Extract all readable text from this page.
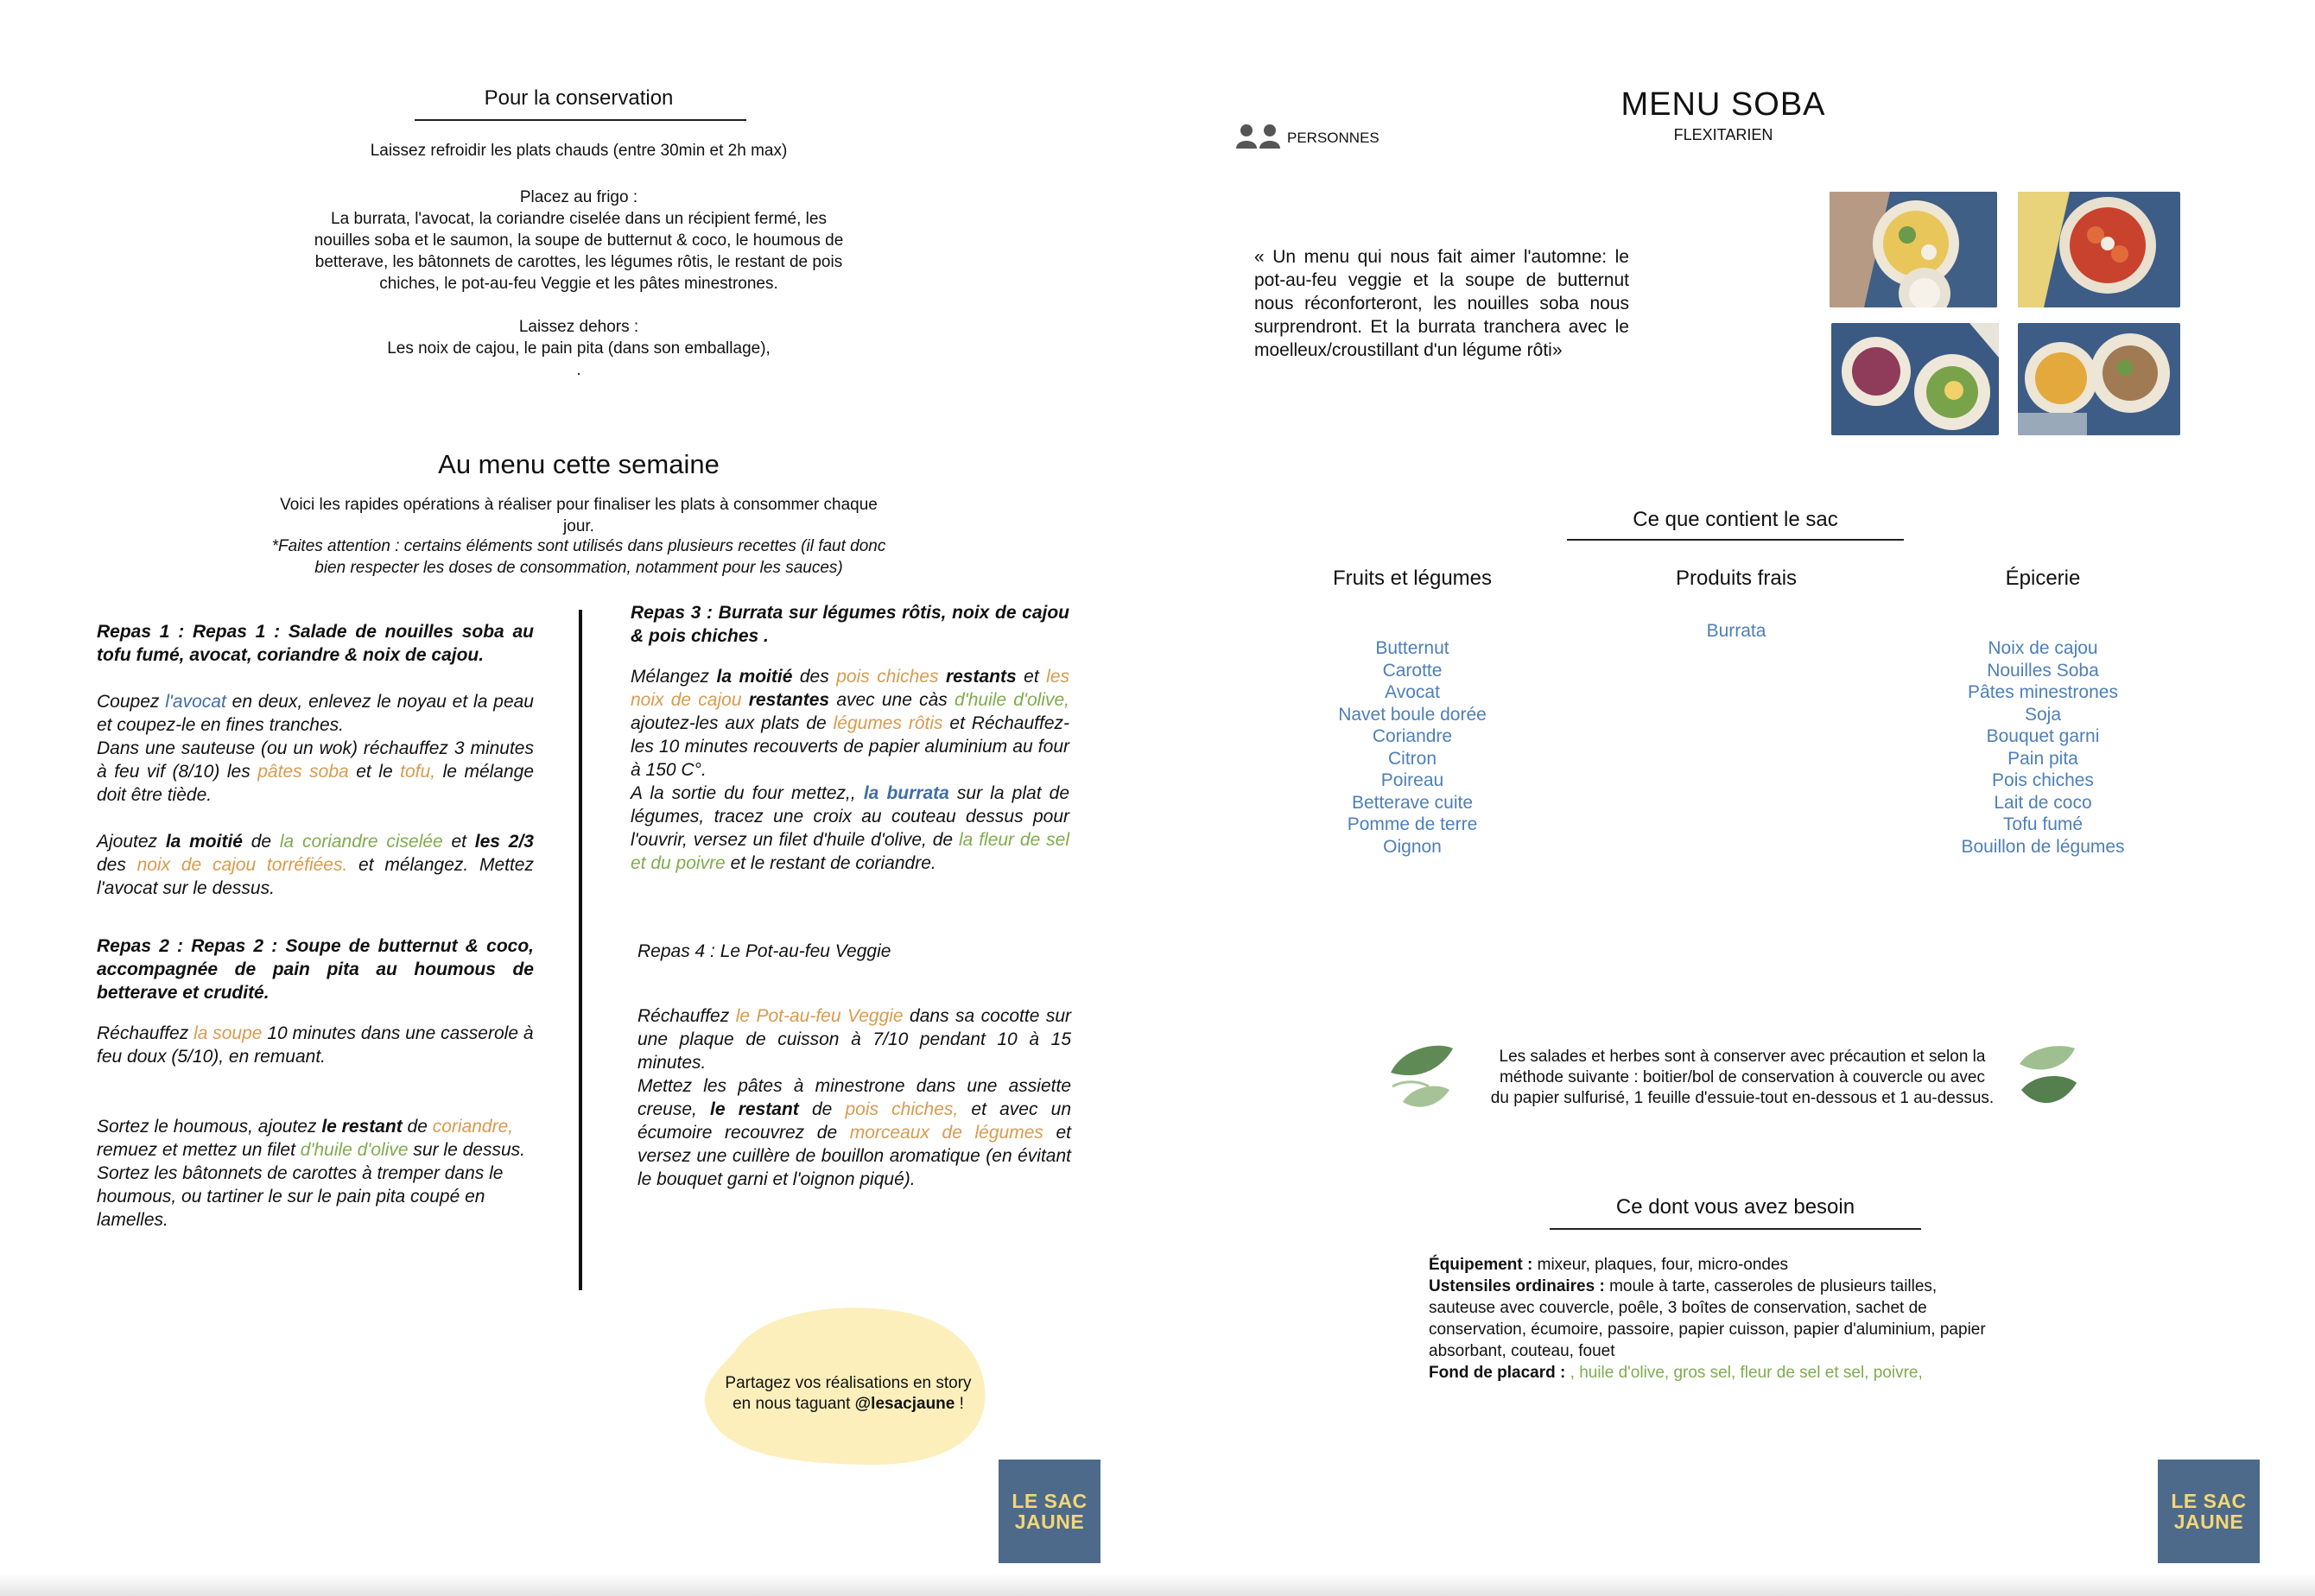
Pour la conservation
Laissez refroidir les plats chauds (entre 30min et 2h max)
Placez au frigo :
La burrata, l'avocat, la coriandre ciselée dans un récipient fermé, les
nouilles soba et le saumon, la soupe de butternut & coco, le houmous de
betterave, les bâtonnets de carottes, les légumes rôtis, le restant de pois
chiches, le pot-au-feu Veggie et les pâtes minestrones.
Laissez dehors :
Les noix de cajou, le pain pita (dans son emballage),
.
Au menu cette semaine
Voici les rapides opérations à réaliser pour finaliser les plats à consommer chaque
jour.
*Faites attention : certains éléments sont utilisés dans plusieurs recettes (il faut donc
bien respecter les doses de consommation, notamment pour les sauces)
Repas 1 : Repas 1 : Salade de nouilles soba au tofu fumé, avocat, coriandre & noix de cajou.
Coupez l'avocat en deux, enlevez le noyau et la peau et coupez-le en fines tranches.
Dans une sauteuse (ou un wok) réchauffez 3 minutes à feu vif (8/10) les pâtes soba et le tofu, le mélange doit être tiède.
Ajoutez la moitié de la coriandre ciselée et les 2/3 des noix de cajou torréfiées. et mélangez. Mettez l'avocat sur le dessus.
Repas 2 : Repas 2 : Soupe de butternut & coco, accompagnée de pain pita au houmous de betterave et crudité.
Réchauffez la soupe 10 minutes dans une casserole à feu doux (5/10), en remuant.
Sortez le houmous, ajoutez le restant de coriandre, remuez et mettez un filet d'huile d'olive sur le dessus. Sortez les bâtonnets de carottes à tremper dans le houmous, ou tartiner le sur le pain pita coupé en lamelles.
Repas 3 : Burrata sur légumes rôtis, noix de cajou & pois chiches .
Mélangez la moitié des pois chiches restants et les noix de cajou restantes avec une càs d'huile d'olive, ajoutez-les aux plats de légumes rôtis et Réchauffez-les 10 minutes recouverts de papier aluminium au four à 150 C°.
A la sortie du four mettez,, la burrata sur la plat de légumes, tracez une croix au couteau dessus pour l'ouvrir, versez un filet d'huile d'olive, de la fleur de sel et du poivre et le restant de coriandre.
Repas 4 : Le Pot-au-feu Veggie
Réchauffez le Pot-au-feu Veggie dans sa cocotte sur une plaque de cuisson à 7/10 pendant 10 à 15 minutes.
Mettez les pâtes à minestrone dans une assiette creuse, le restant de pois chiches, et avec un écumoire recouvrez de morceaux de légumes et versez une cuillère de bouillon aromatique (en évitant le bouquet garni et l'oignon piqué).
Partagez vos réalisations en story
en nous taguant @lesacjaune !
LE SAC
JAUNE
PERSONNES
MENU SOBA
FLEXITARIEN
« Un menu qui nous fait aimer l'automne: le pot-au-feu veggie et la soupe de butternut nous réconforteront, les nouilles soba nous surprendront. Et la burrata tranchera avec le moelleux/croustillant d'un légume rôti»
Ce que contient le sac
Fruits et légumes
Butternut
Carotte
Avocat
Navet boule dorée
Coriandre
Citron
Poireau
Betterave cuite
Pomme de terre
Oignon
Produits frais
Burrata
Épicerie
Noix de cajou
Nouilles Soba
Pâtes minestrones
Soja
Bouquet garni
Pain pita
Pois chiches
Lait de coco
Tofu fumé
Bouillon de légumes
Les salades et herbes sont à conserver avec précaution et selon la
méthode suivante : boitier/bol de conservation à couvercle ou avec
du papier sulfurisé, 1 feuille d'essuie-tout en-dessous et 1 au-dessus.
Ce dont vous avez besoin
Équipement : mixeur, plaques, four, micro-ondes
Ustensiles ordinaires : moule à tarte, casseroles de plusieurs tailles, sauteuse avec couvercle, poêle, 3 boîtes de conservation, sachet de conservation, écumoire, passoire, papier cuisson, papier d'aluminium, papier absorbant, couteau, fouet
Fond de placard : , huile d'olive, gros sel, fleur de sel et sel, poivre,
LE SAC
JAUNE
